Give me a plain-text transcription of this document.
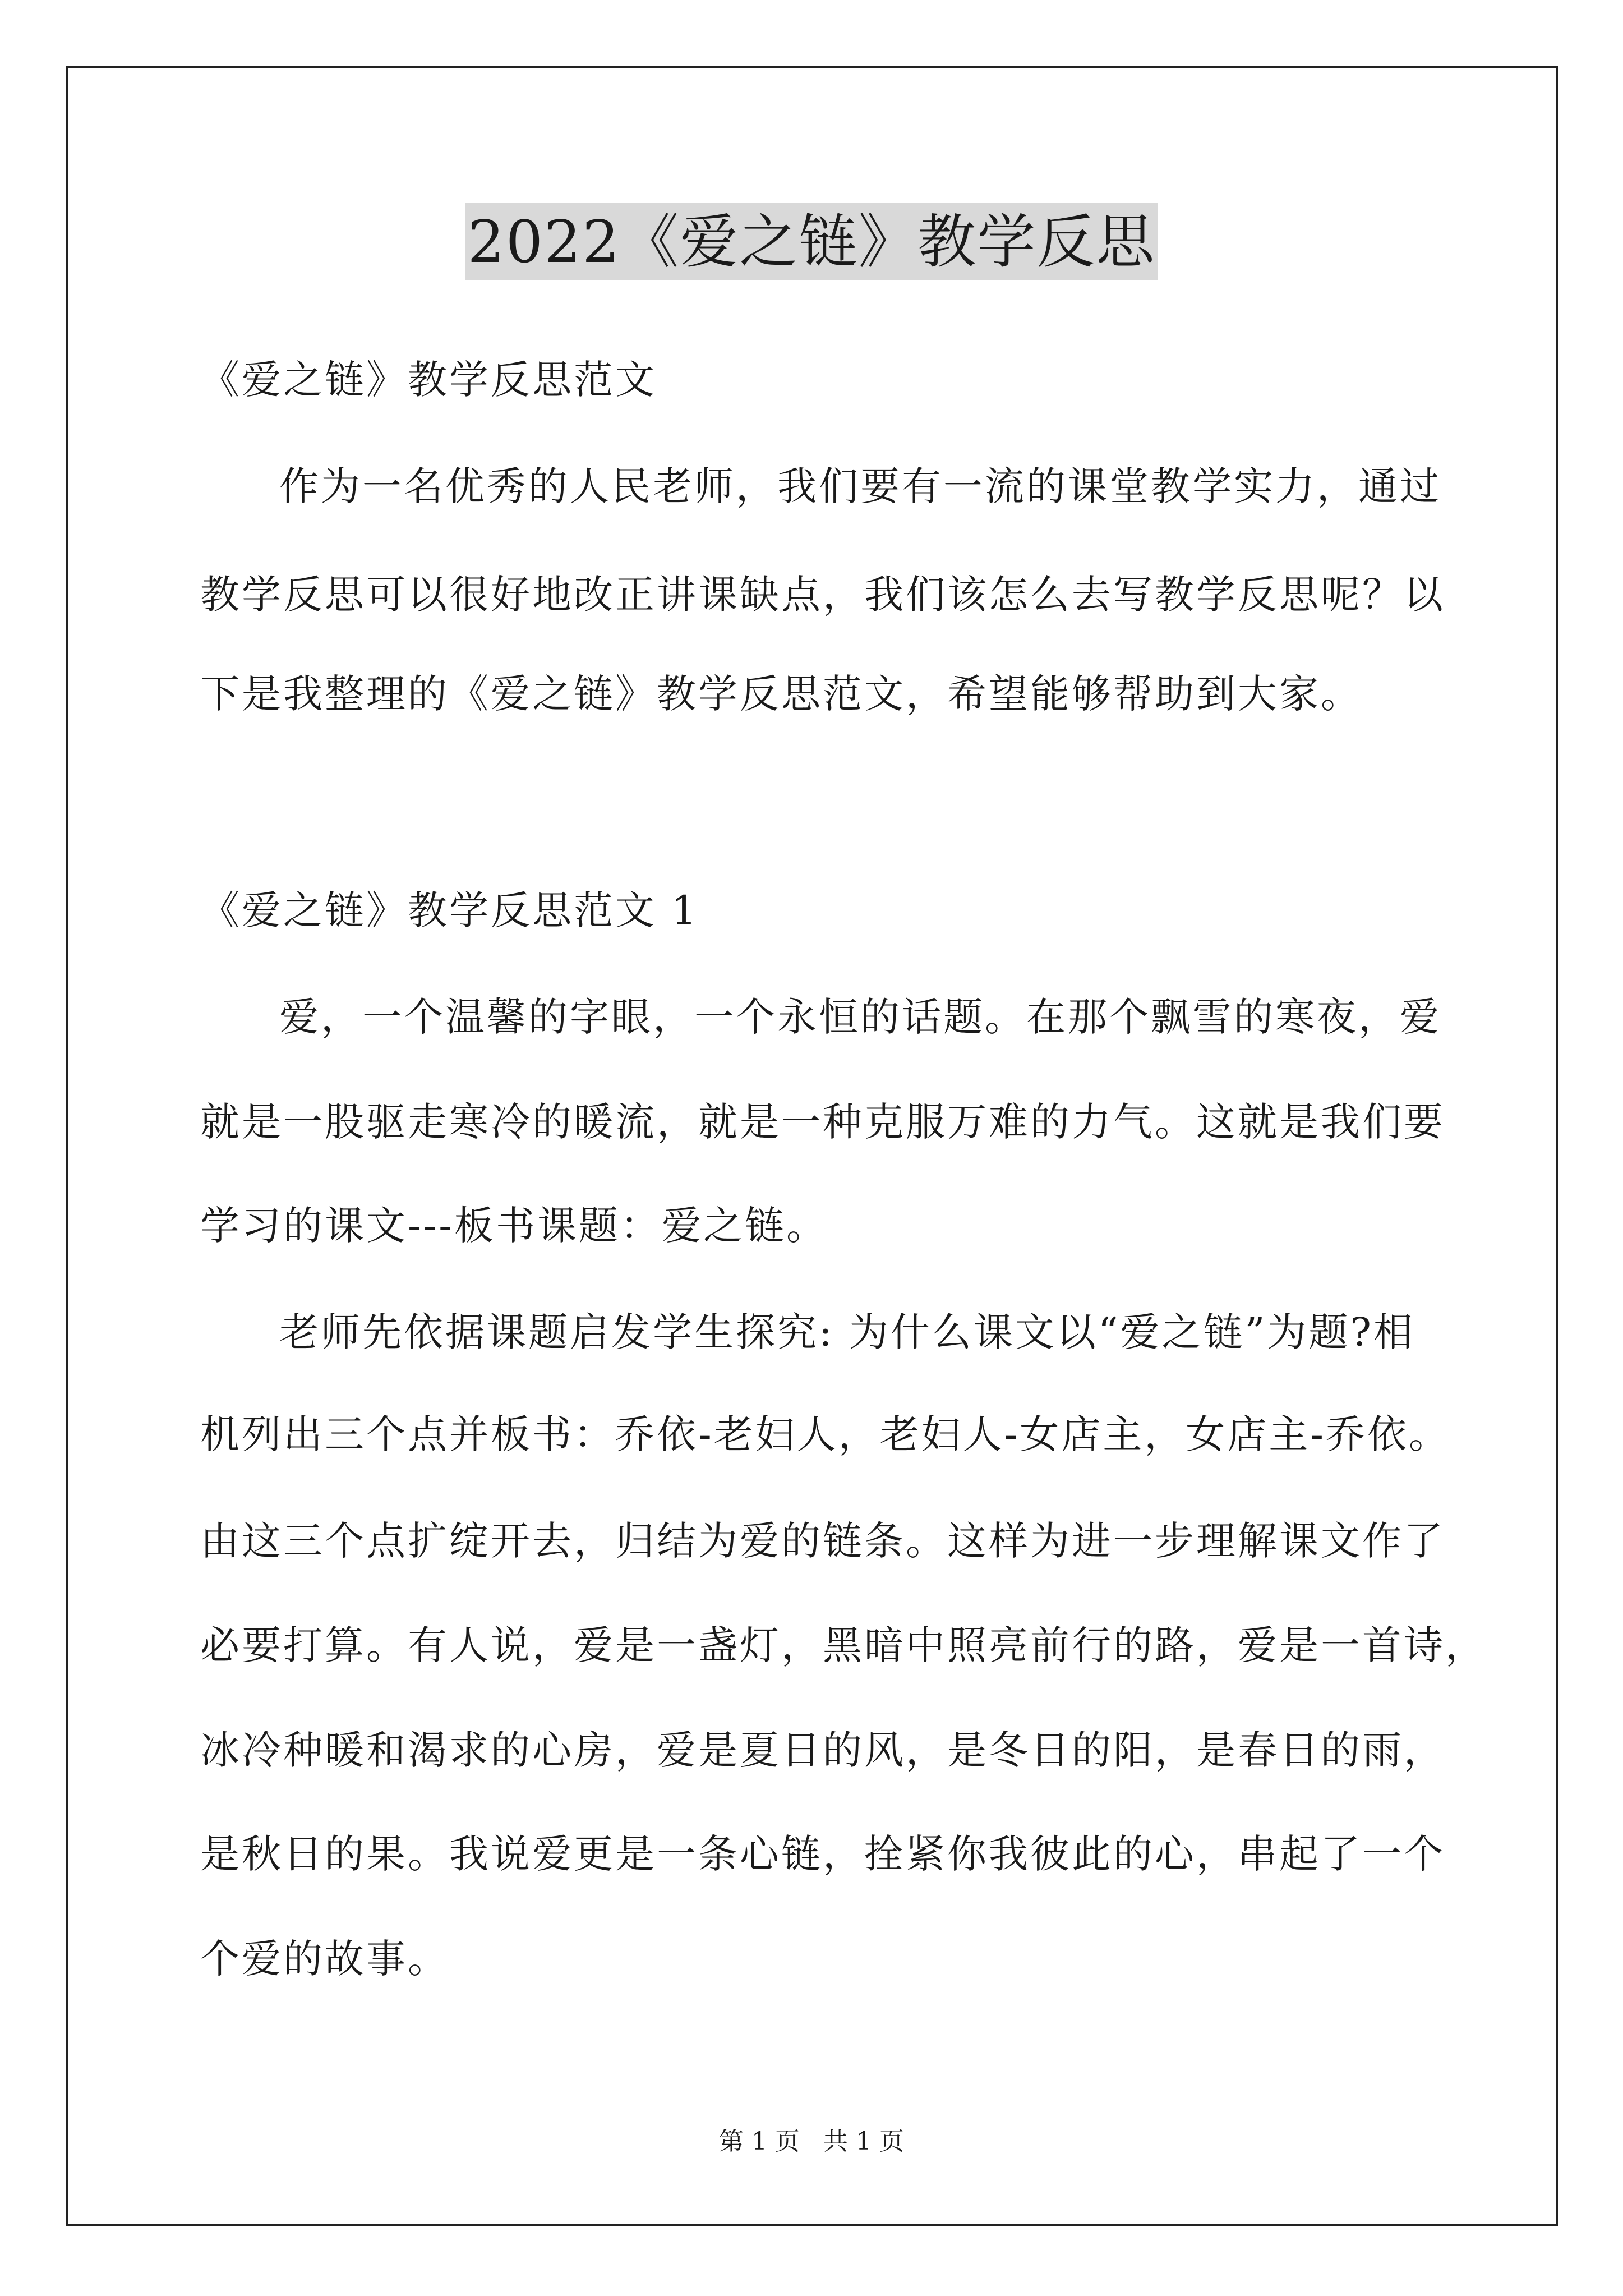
2022《爱之链》教学反思
《爱之链》教学反思范文
作为一名优秀的人民老师，我们要有一流的课堂教学实力，通过
教学反思可以很好地改正讲课缺点，我们该怎么去写教学反思呢？以
下是我整理的《爱之链》教学反思范文，希望能够帮助到大家。
《爱之链》教学反思范文 1
爱，一个温馨的字眼，一个永恒的话题。在那个飘雪的寒夜，爱
就是一股驱走寒冷的暖流，就是一种克服万难的力气。这就是我们要
学习的课文---板书课题：爱之链。
老师先依据课题启发学生探究: 为什么课文以“爱之链”为题?相
机列出三个点并板书：乔依-老妇人，老妇人-女店主，女店主-乔依。
由这三个点扩绽开去，归结为爱的链条。这样为进一步理解课文作了
必要打算。有人说，爱是一盏灯，黑暗中照亮前行的路，爱是一首诗，
冰冷种暖和渴求的心房，爱是夏日的风，是冬日的阳，是春日的雨，
是秋日的果。我说爱更是一条心链，拴紧你我彼此的心，串起了一个
个爱的故事。
第 1 页 共 1 页
